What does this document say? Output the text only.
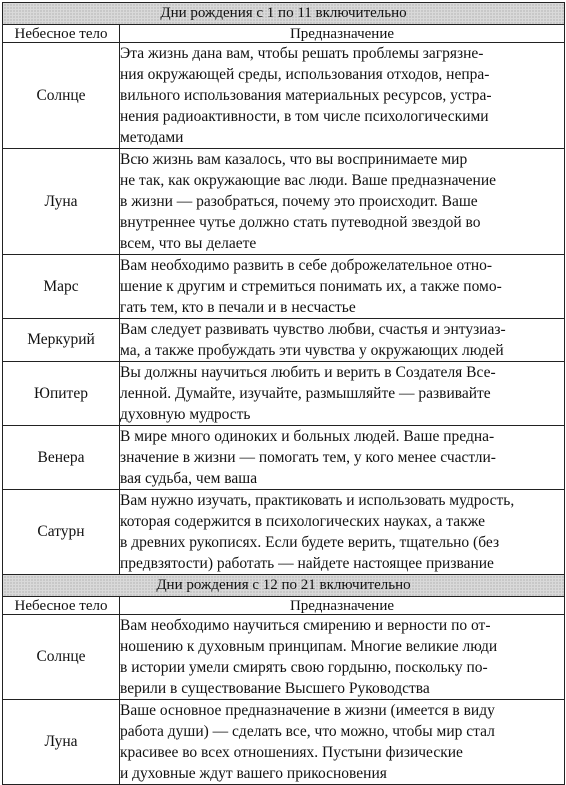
Дни рождения с 1 по 11 включительно	
Небесное тело	Предназначение
Солнце	Эта жизнь дана вам, чтобы решать проблемы загрязне-
ния окружающей среды, использования отходов, непра-
вильного использования материальных ресурсов, устра-
нения радиоактивности, в том числе психологическими
методами

Луна	Всю жизнь вам казалось, что вы воспринимаете мир
не так, как окружающие вас люди. Ваше предназначение
в жизни — разобраться, почему это происходит. Ваше
внутреннее чутье должно стать путеводной звездой во
всем, что вы делаете

Марс	Вам необходимо развить в себе доброжелательное отно-
шение к другим и стремиться понимать их, а также помо-
гать тем, кто в печали и в несчастье

Меркурий	Вам следует развивать чувство любви, счастья и энтузиаз-
ма, а также пробуждать эти чувства у окружающих людей

Юпитер	Вы должны научиться любить и верить в Создателя Все-
ленной. Думайте, изучайте, размышляйте — развивайте
духовную мудрость

Венера	В мире много одиноких и больных людей. Ваше предна-
значение в жизни — помогать тем, у кого менее счастли-
вая судьба, чем ваша

Сатурн	Вам нужно изучать, практиковать и использовать мудрость,
которая содержится в психологических науках, а также
в древних рукописях. Если будете верить, тщательно (без
предвзятости) работать — найдете настоящее призвание

Дни рождения с 12 по 21 включительно	
Небесное тело	Предназначение
Солнце	Вам необходимо научиться смирению и верности по от-
ношению к духовным принципам. Многие великие люди
в истории умели смирять свою гордыню, поскольку по-
верили в существование Высшего Руководства

Луна	Ваше основное предназначение в жизни (имеется в виду
работа души) — сделать все, что можно, чтобы мир стал
красивее во всех отношениях. Пустыни физические
и духовные ждут вашего прикосновения
